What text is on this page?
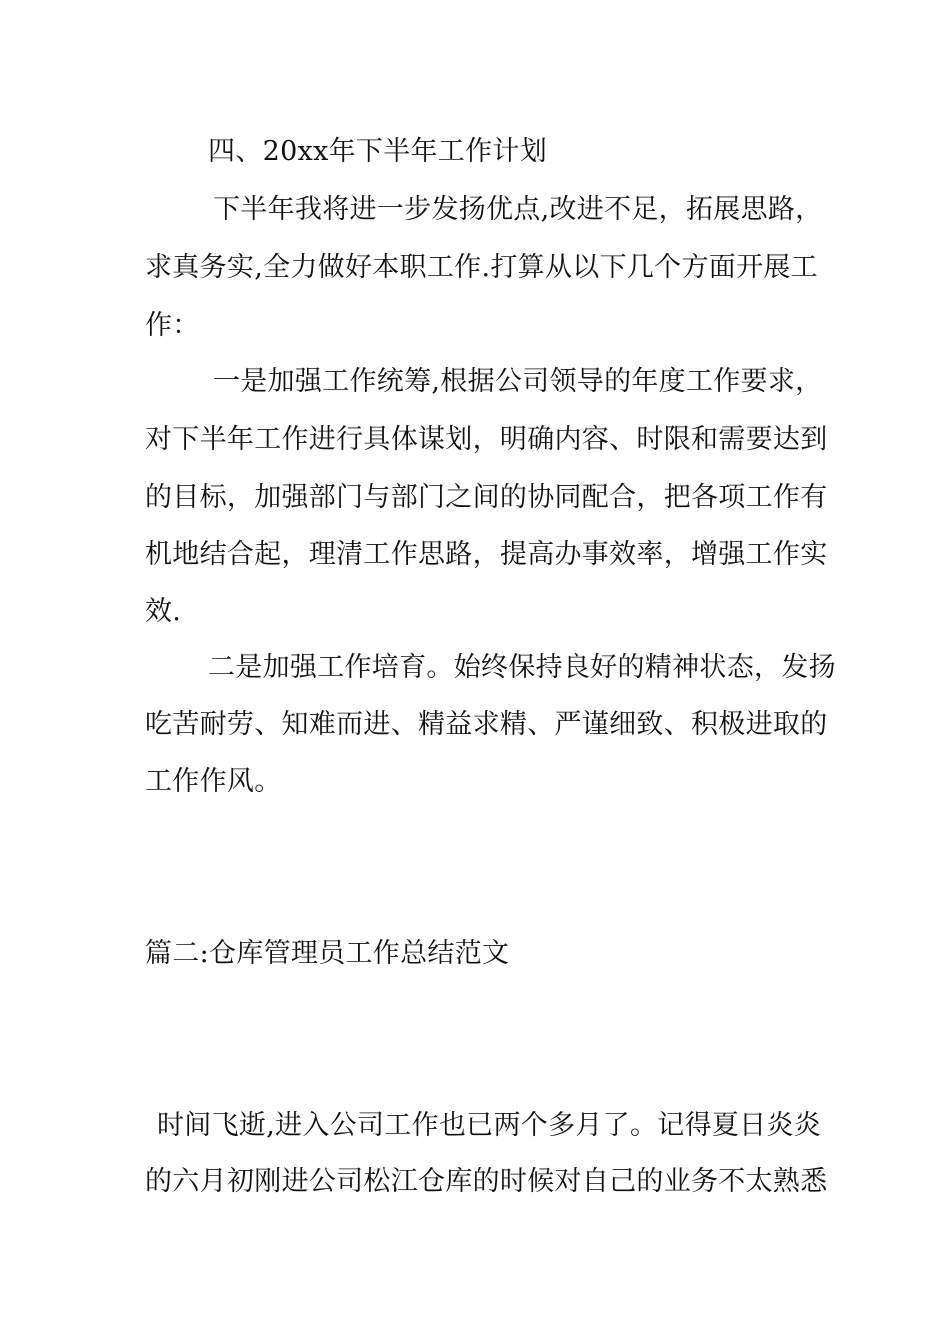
四、20xx年下半年工作计划
下半年我将进一步发扬优点,改进不足，拓展思路，
求真务实,全力做好本职工作.打算从以下几个方面开展工
作：
一是加强工作统筹,根据公司领导的年度工作要求，
对下半年工作进行具体谋划，明确内容、时限和需要达到
的目标，加强部门与部门之间的协同配合，把各项工作有
机地结合起，理清工作思路，提高办事效率，增强工作实
效.
二是加强工作培育。始终保持良好的精神状态，发扬
吃苦耐劳、知难而进、精益求精、严谨细致、积极进取的
工作作风。
篇二:仓库管理员工作总结范文
时间飞逝,进入公司工作也已两个多月了。记得夏日炎炎
的六月初刚进公司松江仓库的时候对自己的业务不太熟悉
